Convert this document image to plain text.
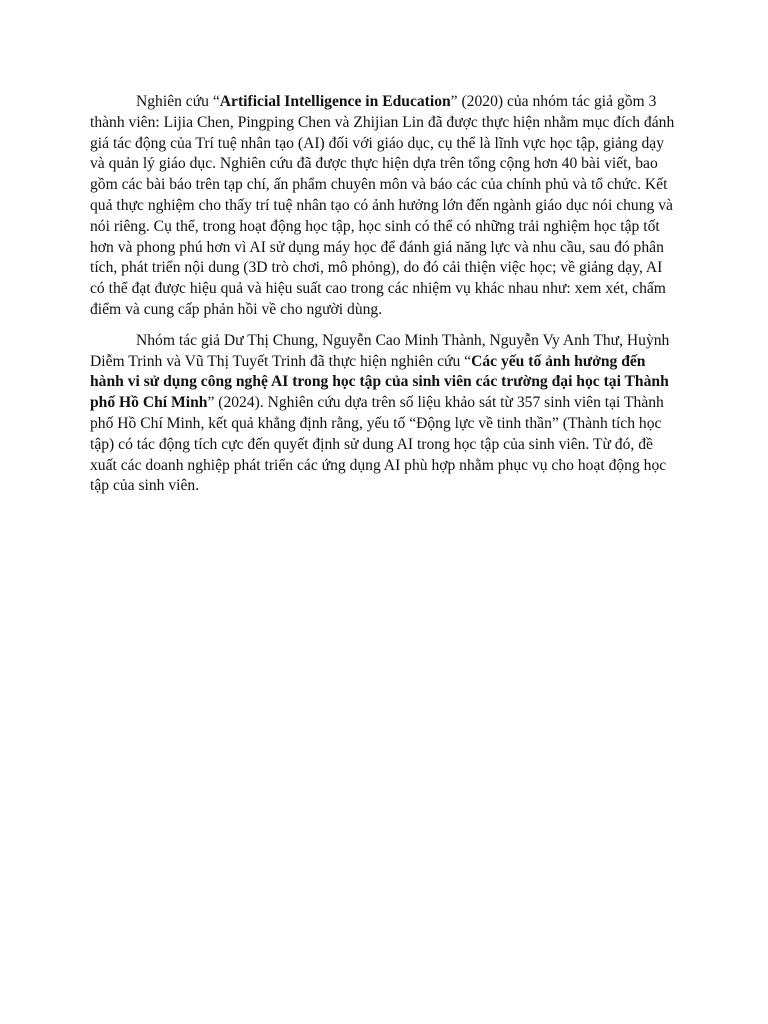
Nghiên cứu “Artificial Intelligence in Education” (2020) của nhóm tác giả gồm 3 thành viên: Lijia Chen, Pingping Chen và Zhijian Lin đã được thực hiện nhằm mục đích đánh giá tác động của Trí tuệ nhân tạo (AI) đối với giáo dục, cụ thể là lĩnh vực học tập, giảng dạy và quản lý giáo dục. Nghiên cứu đã được thực hiện dựa trên tổng cộng hơn 40 bài viết, bao gồm các bài báo trên tạp chí, ấn phẩm chuyên môn và báo các của chính phủ và tổ chức. Kết quả thực nghiệm cho thấy trí tuệ nhân tạo có ảnh hưởng lớn đến ngành giáo dục nói chung và nói riêng. Cụ thể, trong hoạt động học tập, học sinh có thể có những trải nghiệm học tập tốt hơn và phong phú hơn vì AI sử dụng máy học để đánh giá năng lực và nhu cầu, sau đó phân tích, phát triển nội dung (3D trò chơi, mô phỏng), do đó cải thiện việc học; về giảng dạy, AI có thể đạt được hiệu quả và hiệu suất cao trong các nhiệm vụ khác nhau như: xem xét, chấm điểm và cung cấp phản hồi về cho người dùng.

Nhóm tác giả Dư Thị Chung, Nguyễn Cao Minh Thành, Nguyễn Vy Anh Thư, Huỳnh Diễm Trinh và Vũ Thị Tuyết Trinh đã thực hiện nghiên cứu “Các yếu tố ảnh hưởng đến hành vi sử dụng công nghệ AI trong học tập của sinh viên các trường đại học tại Thành phố Hồ Chí Minh” (2024). Nghiên cứu dựa trên số liệu khảo sát từ 357 sinh viên tại Thành phố Hồ Chí Minh, kết quả khẳng định rằng, yếu tố “Động lực về tinh thần” (Thành tích học tập) có tác động tích cực đến quyết định sử dung AI trong học tập của sinh viên. Từ đó, đề xuất các doanh nghiệp phát triển các ứng dụng AI phù hợp nhằm phục vụ cho hoạt động học tập của sinh viên.
